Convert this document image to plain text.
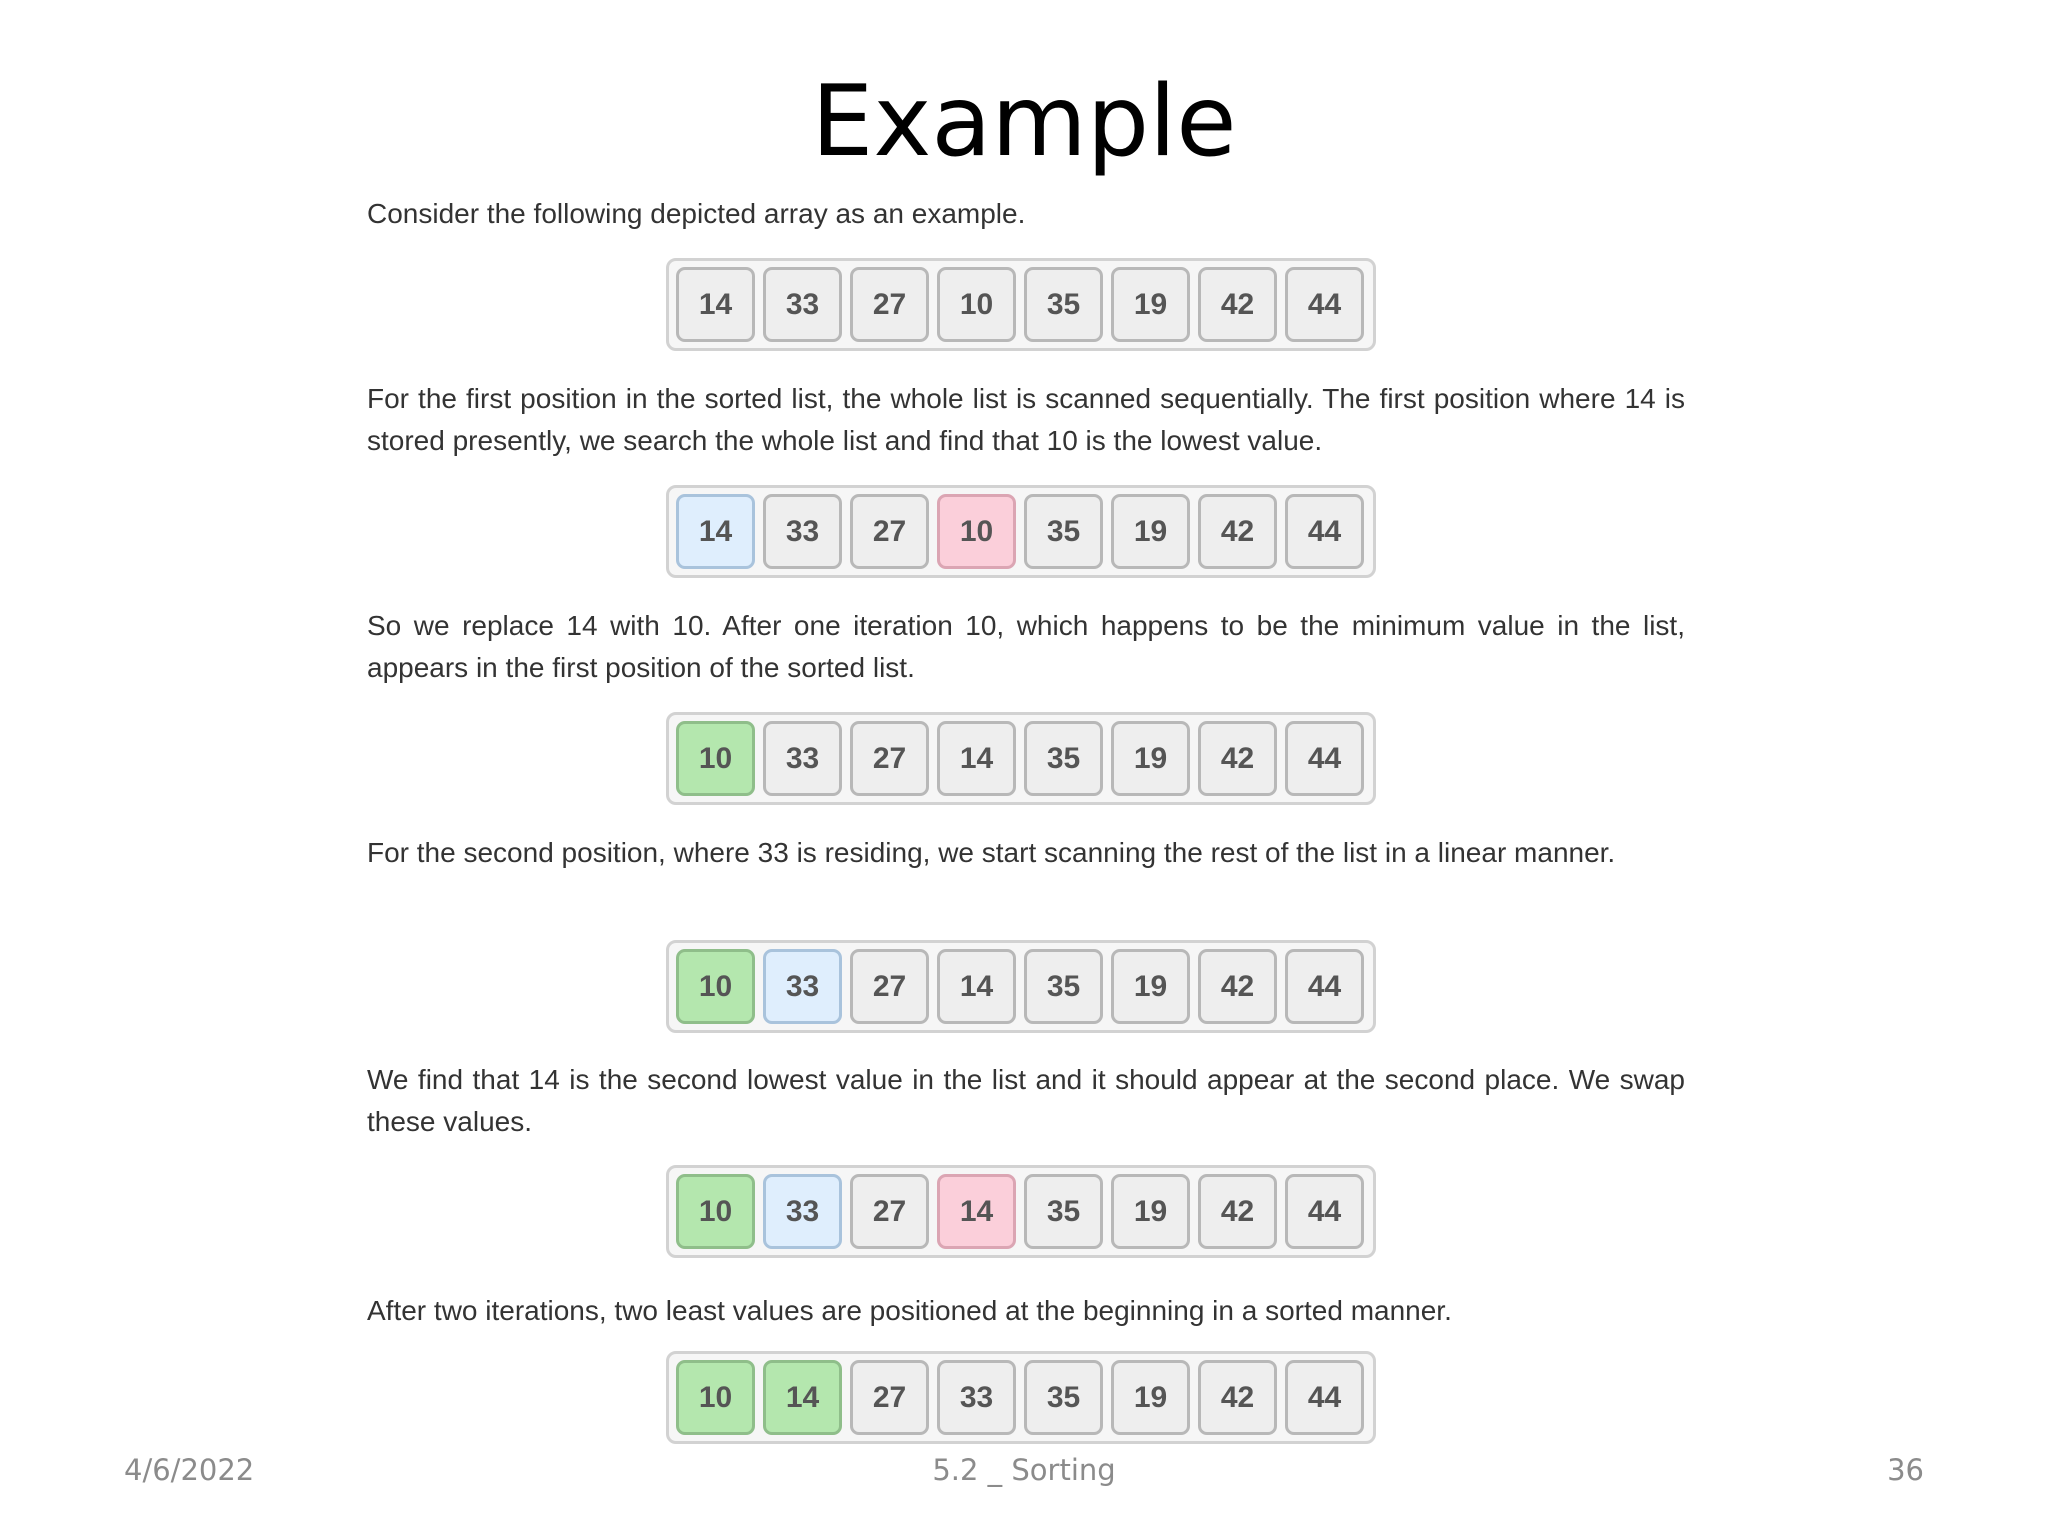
Example

Consider the following depicted array as an example.

14	33	27	10	35	19	42	44

For the first position in the sorted list, the whole list is scanned sequentially. The first position where 14 is stored presently, we search the whole list and find that 10 is the lowest value.

14	33	27	10	35	19	42	44

So we replace 14 with 10. After one iteration 10, which happens to be the minimum value in the list, appears in the first position of the sorted list.

10	33	27	14	35	19	42	44

For the second position, where 33 is residing, we start scanning the rest of the list in a linear manner.

10	33	27	14	35	19	42	44

We find that 14 is the second lowest value in the list and it should appear at the second place. We swap these values.

10	33	27	14	35	19	42	44

After two iterations, two least values are positioned at the beginning in a sorted manner.

10	14	27	33	35	19	42	44
4/6/2022	5.2 _ Sorting	36
